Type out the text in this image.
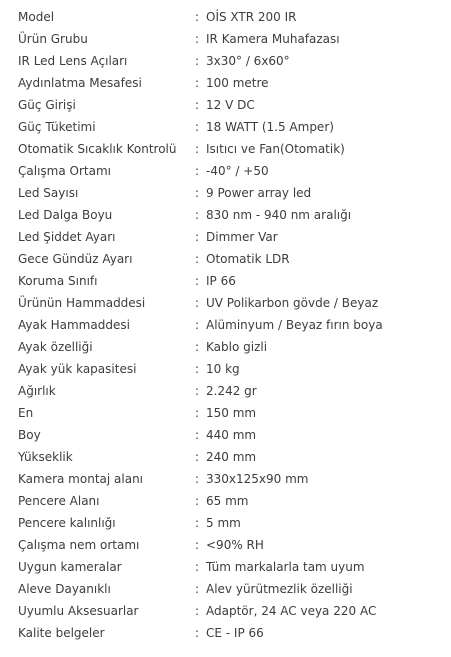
Model	: OİS XTR 200 IR
Ürün Grubu	: IR Kamera Muhafazası
IR Led Lens Açıları	: 3x30° / 6x60°
Aydınlatma Mesafesi	: 100 metre
Güç Girişi	: 12 V DC
Güç Tüketimi	: 18 WATT (1.5 Amper)
Otomatik Sıcaklık Kontrolü : Isıtıcı ve Fan(Otomatik)
Çalışma Ortamı	: -40° / +50
Led Sayısı	: 9 Power array led
Led Dalga Boyu	: 830 nm - 940 nm aralığı
Led Şiddet Ayarı	: Dimmer Var
Gece Gündüz Ayarı	: Otomatik LDR
Koruma Sınıfı	: IP 66
Ürünün Hammaddesi	: UV Polikarbon gövde / Beyaz
Ayak Hammaddesi	: Alüminyum / Beyaz fırın boya
Ayak özelliği	: Kablo gizli
Ayak yük kapasitesi	: 10 kg
Ağırlık	: 2.242 gr
En	: 150 mm
Boy	: 440 mm
Yükseklik	: 240 mm
Kamera montaj alanı	: 330x125x90 mm
Pencere Alanı	: 65 mm
Pencere kalınlığı	: 5 mm
Çalışma nem ortamı	: <90% RH
Uygun kameralar	: Tüm markalarla tam uyum
Aleve Dayanıklı	: Alev yürütmezlik özelliği
Uyumlu Aksesuarlar	: Adaptör, 24 AC veya 220 AC
Kalite belgeler	: CE - IP 66
